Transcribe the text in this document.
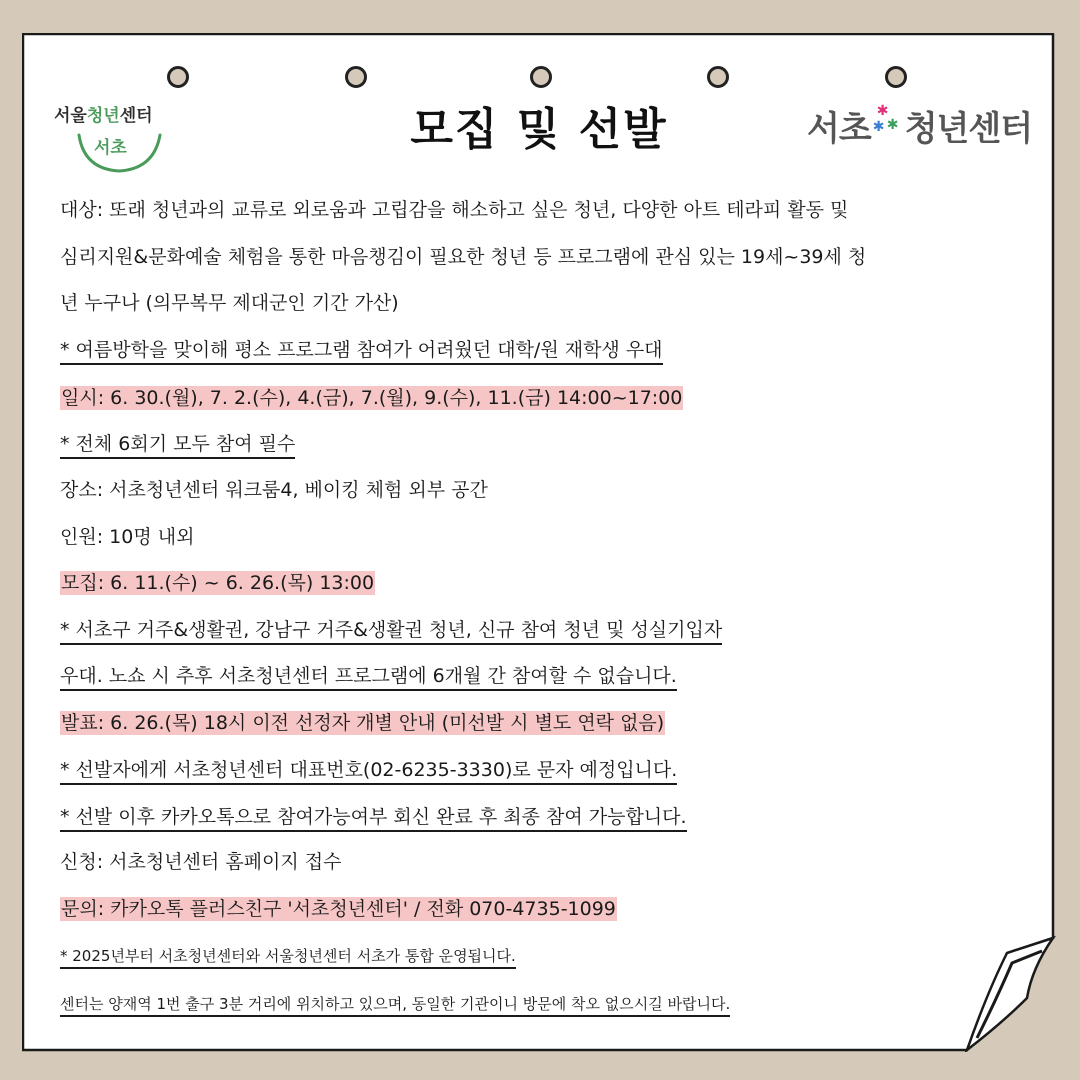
서울청년센터
서초	모집 및 선발	서초 ✱
✱
✱ 청년센터
대상: 또래 청년과의 교류로 외로움과 고립감을 해소하고 싶은 청년, 다양한 아트 테라피 활동 및
심리지원&문화예술 체험을 통한 마음챙김이 필요한 청년 등 프로그램에 관심 있는 19세~39세 청
년 누구나 (의무복무 제대군인 기간 가산)
* 여름방학을 맞이해 평소 프로그램 참여가 어려웠던 대학/원 재학생 우대
일시: 6. 30.(월), 7. 2.(수), 4.(금), 7.(월), 9.(수), 11.(금) 14:00~17:00
* 전체 6회기 모두 참여 필수
장소: 서초청년센터 워크룸4, 베이킹 체험 외부 공간
인원: 10명 내외
모집: 6. 11.(수) ~ 6. 26.(목) 13:00
* 서초구 거주&생활권, 강남구 거주&생활권 청년, 신규 참여 청년 및 성실기입자
우대. 노쇼 시 추후 서초청년센터 프로그램에 6개월 간 참여할 수 없습니다.
발표: 6. 26.(목) 18시 이전 선정자 개별 안내 (미선발 시 별도 연락 없음)
* 선발자에게 서초청년센터 대표번호(02-6235-3330)로 문자 예정입니다.
* 선발 이후 카카오톡으로 참여가능여부 회신 완료 후 최종 참여 가능합니다.
신청: 서초청년센터 홈페이지 접수
문의: 카카오톡 플러스친구 '서초청년센터' / 전화 070-4735-1099
* 2025년부터 서초청년센터와 서울청년센터 서초가 통합 운영됩니다.
센터는 양재역 1번 출구 3분 거리에 위치하고 있으며, 동일한 기관이니 방문에 착오 없으시길 바랍니다.
